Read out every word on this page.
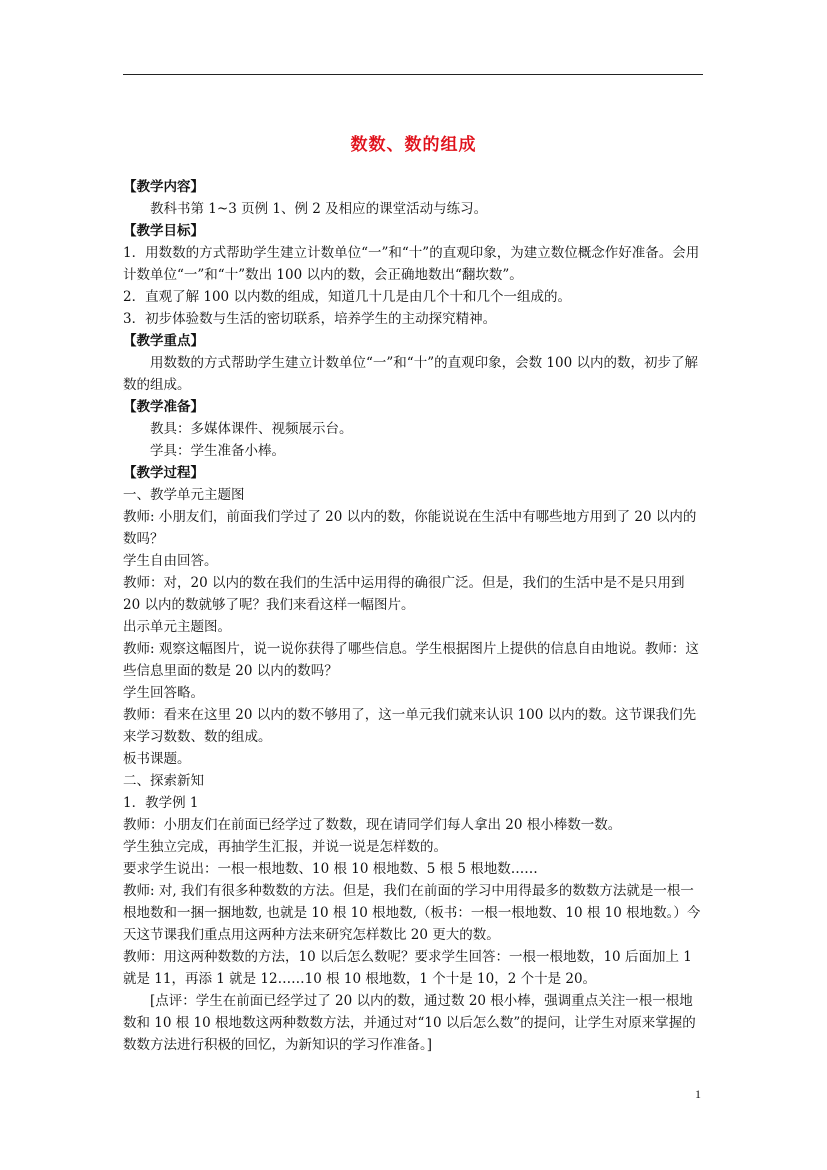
数数、数的组成

【教学内容】

教科书第 1~3 页例 1、例 2 及相应的课堂活动与练习。

【教学目标】

1．用数数的方式帮助学生建立计数单位“一”和“十”的直观印象，为建立数位概念作好准备。会用计数单位“一”和“十”数出 100 以内的数，会正确地数出“翻坎数”。

2．直观了解 100 以内数的组成，知道几十几是由几个十和几个一组成的。

3．初步体验数与生活的密切联系，培养学生的主动探究精神。

【教学重点】

用数数的方式帮助学生建立计数单位“一”和“十”的直观印象，会数 100 以内的数，初步了解数的组成。

【教学准备】

教具：多媒体课件、视频展示台。

学具：学生准备小棒。

【教学过程】

一、教学单元主题图

教师: 小朋友们，前面我们学过了 20 以内的数，你能说说在生活中有哪些地方用到了 20 以内的数吗？

学生自由回答。

教师：对，20 以内的数在我们的生活中运用得的确很广泛。但是，我们的生活中是不是只用到 20 以内的数就够了呢？我们来看这样一幅图片。

出示单元主题图。

教师: 观察这幅图片，说一说你获得了哪些信息。学生根据图片上提供的信息自由地说。教师：这些信息里面的数是 20 以内的数吗？

学生回答略。

教师：看来在这里 20 以内的数不够用了，这一单元我们就来认识 100 以内的数。这节课我们先来学习数数、数的组成。

板书课题。

二、探索新知

1．教学例 1

教师：小朋友们在前面已经学过了数数，现在请同学们每人拿出 20 根小棒数一数。

学生独立完成，再抽学生汇报，并说一说是怎样数的。

要求学生说出：一根一根地数、10 根 10 根地数、5 根 5 根地数……

教师: 对, 我们有很多种数数的方法。但是，我们在前面的学习中用得最多的数数方法就是一根一根地数和一捆一捆地数, 也就是 10 根 10 根地数,（板书：一根一根地数、10 根 10 根地数。）今天这节课我们重点用这两种方法来研究怎样数比 20 更大的数。

教师：用这两种数数的方法，10 以后怎么数呢？要求学生回答：一根一根地数，10 后面加上 1 就是 11，再添 1 就是 12……10 根 10 根地数，1 个十是 10，2 个十是 20。

[点评：学生在前面已经学过了 20 以内的数，通过数 20 根小棒，强调重点关注一根一根地数和 10 根 10 根地数这两种数数方法，并通过对“10 以后怎么数”的提问，让学生对原来掌握的数数方法进行积极的回忆，为新知识的学习作准备。]

1
